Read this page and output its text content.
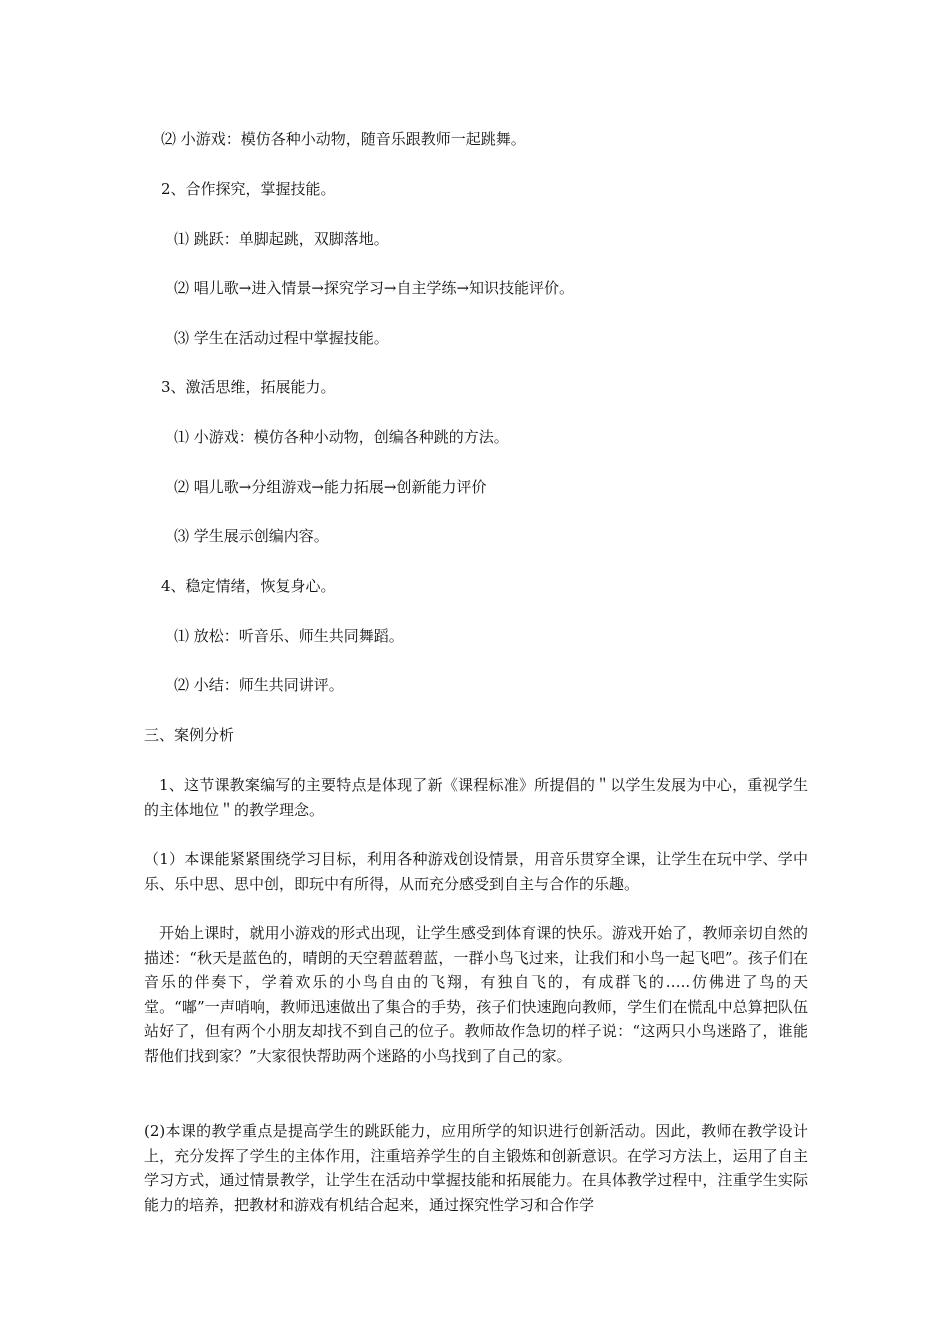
⑵ 小游戏：模仿各种小动物，随音乐跟教师一起跳舞。
2、合作探究，掌握技能。
⑴ 跳跃：单脚起跳，双脚落地。
⑵ 唱儿歌→进入情景→探究学习→自主学练→知识技能评价。
⑶ 学生在活动过程中掌握技能。
3、激活思维，拓展能力。
⑴ 小游戏：模仿各种小动物，创编各种跳的方法。
⑵ 唱儿歌→分组游戏→能力拓展→创新能力评价
⑶ 学生展示创编内容。
4、稳定情绪，恢复身心。
⑴ 放松：听音乐、师生共同舞蹈。
⑵ 小结：师生共同讲评。
三、案例分析
1、这节课教案编写的主要特点是体现了新《课程标准》所提倡的＂以学生发展为中心，重视学生的主体地位＂的教学理念。
（1）本课能紧紧围绕学习目标，利用各种游戏创设情景，用音乐贯穿全课，让学生在玩中学、学中乐、乐中思、思中创，即玩中有所得，从而充分感受到自主与合作的乐趣。
开始上课时，就用小游戏的形式出现，让学生感受到体育课的快乐。游戏开始了，教师亲切自然的描述：“秋天是蓝色的，晴朗的天空碧蓝碧蓝，一群小鸟飞过来，让我们和小鸟一起飞吧”。孩子们在音乐的伴奏下，学着欢乐的小鸟自由的飞翔，有独自飞的，有成群飞的…..仿佛进了鸟的天堂。“嘟”一声哨响，教师迅速做出了集合的手势，孩子们快速跑向教师，学生们在慌乱中总算把队伍站好了，但有两个小朋友却找不到自己的位子。教师故作急切的样子说：“这两只小鸟迷路了，谁能帮他们找到家？”大家很快帮助两个迷路的小鸟找到了自己的家。
(2)本课的教学重点是提高学生的跳跃能力，应用所学的知识进行创新活动。因此，教师在教学设计上，充分发挥了学生的主体作用，注重培养学生的自主锻炼和创新意识。在学习方法上，运用了自主学习方式，通过情景教学，让学生在活动中掌握技能和拓展能力。在具体教学过程中，注重学生实际能力的培养，把教材和游戏有机结合起来，通过探究性学习和合作学
